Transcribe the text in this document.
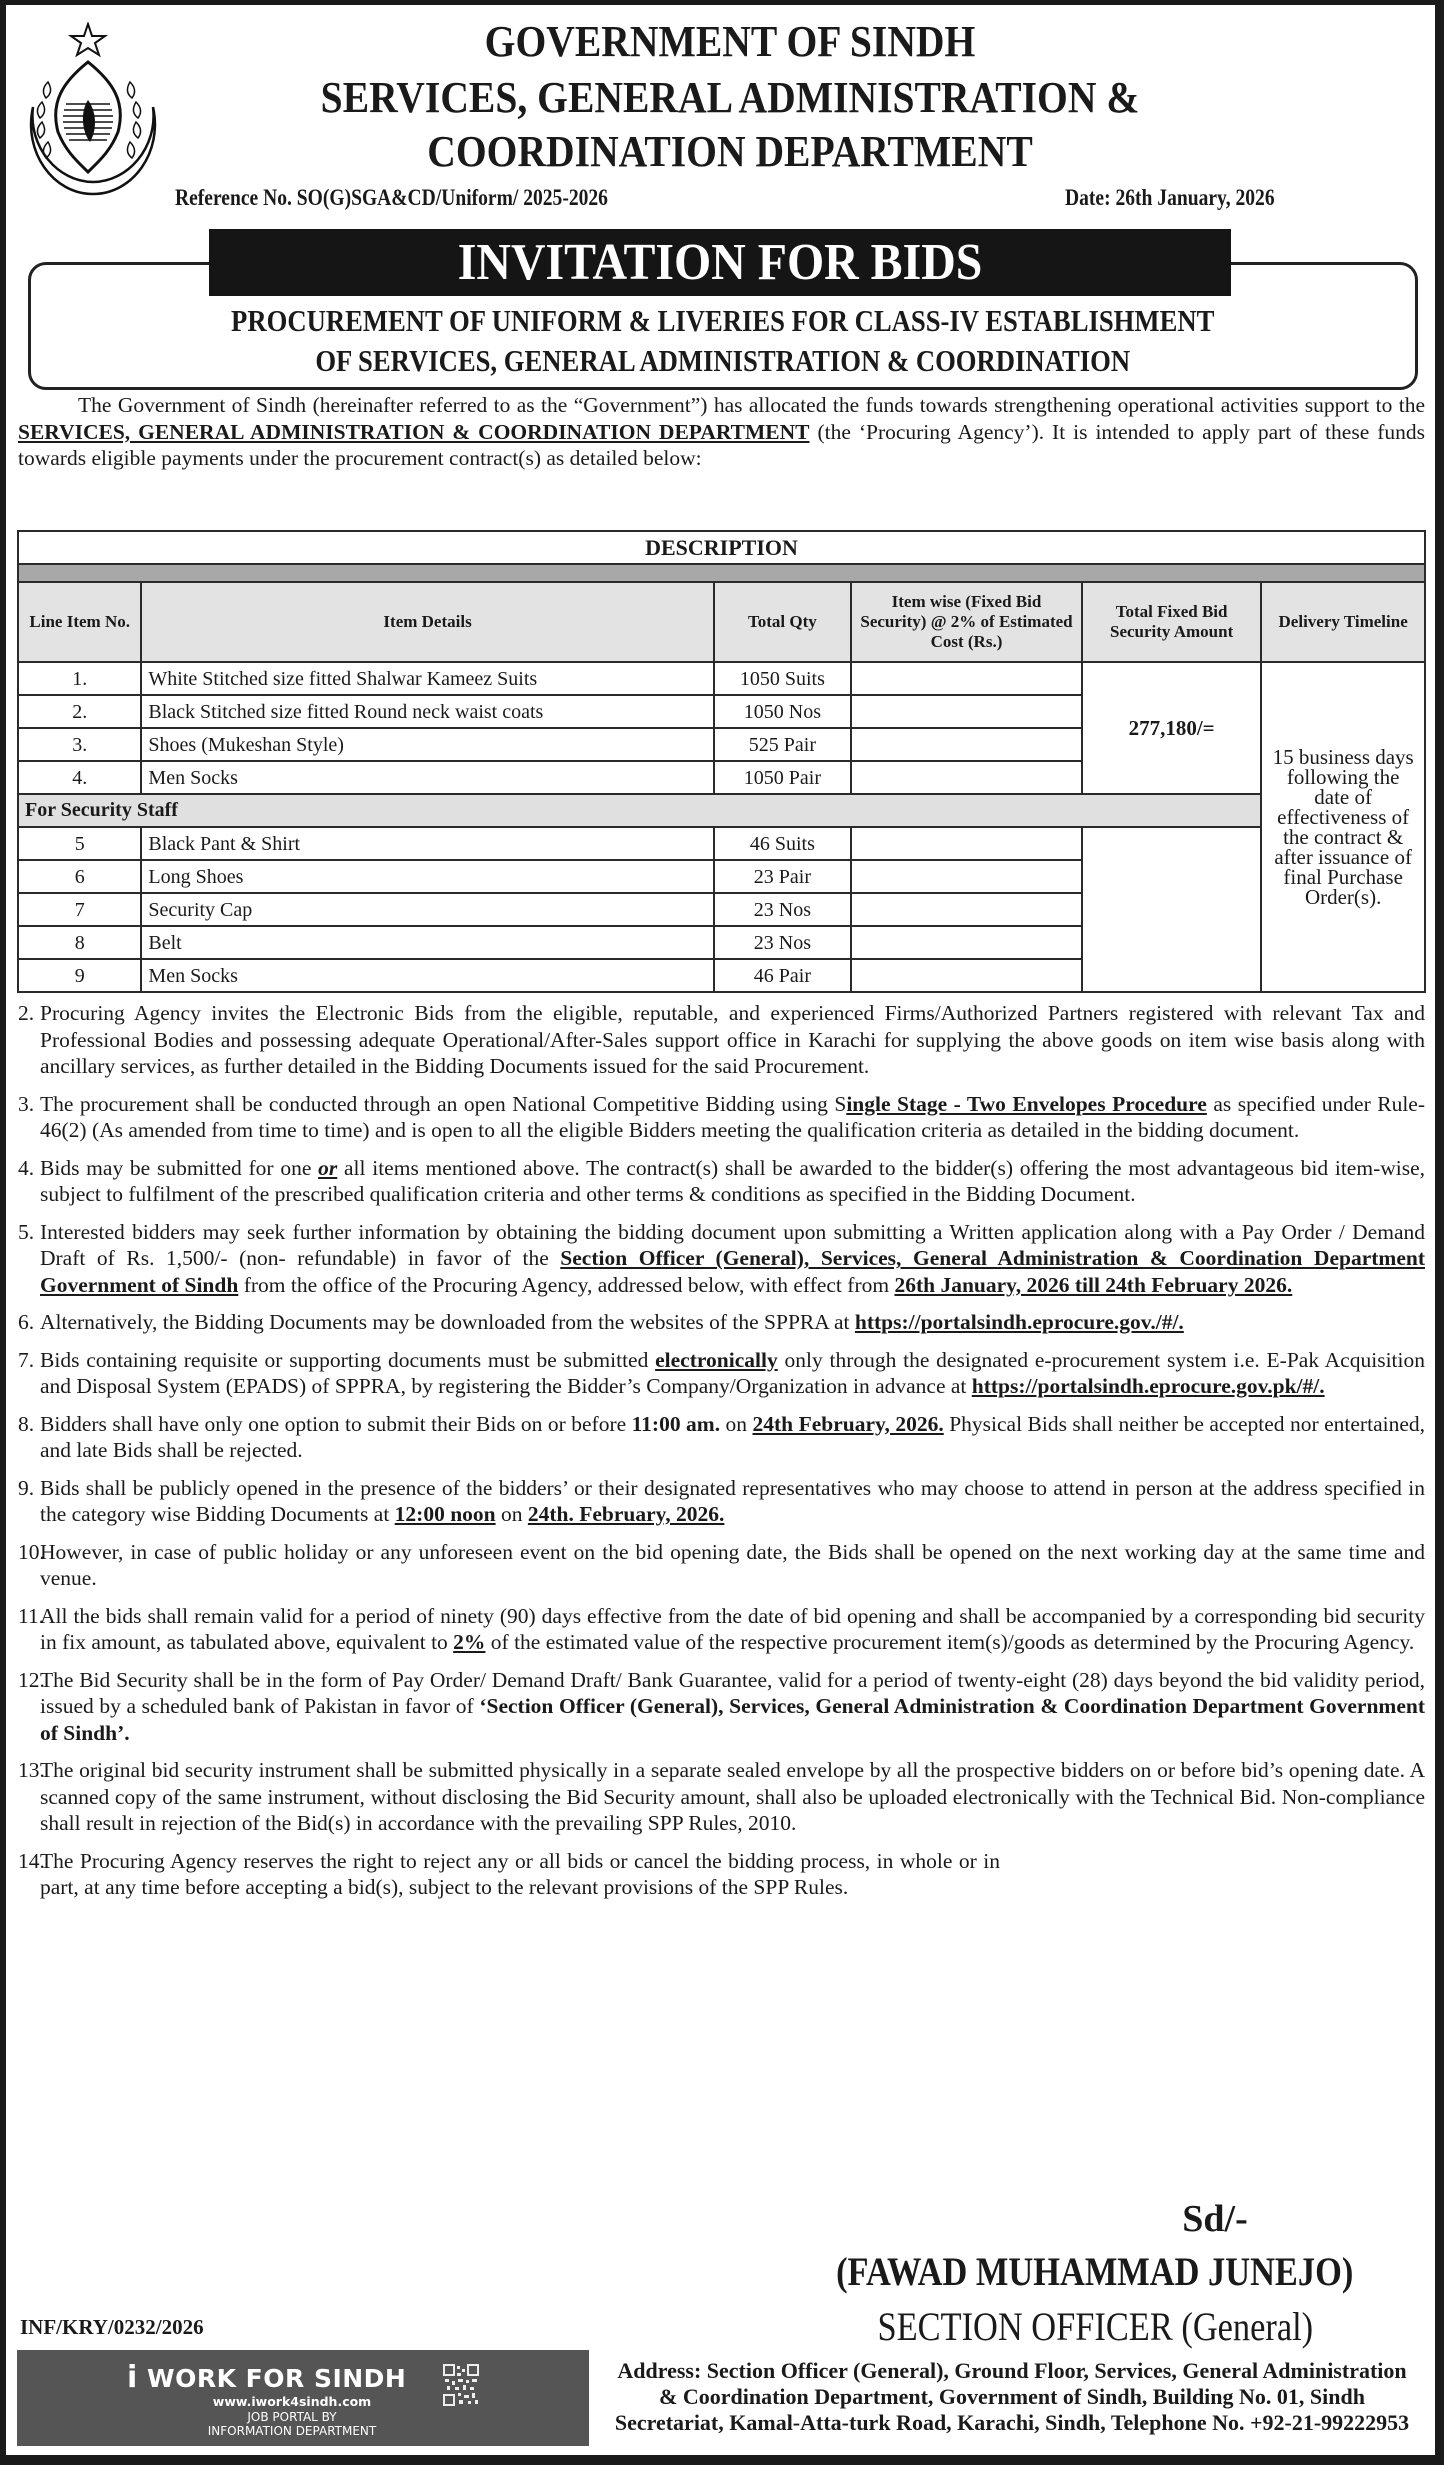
GOVERNMENT OF SINDH
SERVICES, GENERAL ADMINISTRATION &
COORDINATION DEPARTMENT
Reference No. SO(G)SGA&CD/Uniform/ 2025-2026	Date: 26th January, 2026
INVITATION FOR BIDS
PROCUREMENT OF UNIFORM & LIVERIES FOR CLASS-IV ESTABLISHMENT
OF SERVICES, GENERAL ADMINISTRATION & COORDINATION
The Government of Sindh (hereinafter referred to as the “Government”) has allocated the funds towards strengthening operational activities support to the SERVICES, GENERAL ADMINISTRATION & COORDINATION DEPARTMENT (the ‘Procuring Agency’). It is intended to apply part of these funds towards eligible payments under the procurement contract(s) as detailed below:
DESCRIPTION					

Line Item No.	Item Details	Total Qty	Item wise (Fixed Bid Security) @ 2% of Estimated Cost (Rs.)	Total Fixed Bid Security Amount	Delivery Timeline
1.	White Stitched size fitted Shalwar Kameez Suits	1050 Suits		277,180/=	15 business days following the date of effectiveness of the contract & after issuance of final Purchase Order(s).
2.	Black Stitched size fitted Round neck waist coats	1050 Nos			
3.	Shoes (Mukeshan Style)	525 Pair			
4.	Men Socks	1050 Pair			
For Security Staff					
5	Black Pant & Shirt	46 Suits			
6	Long Shoes	23 Pair			
7	Security Cap	23 Nos			
8	Belt	23 Nos			
9	Men Socks	46 Pair			
2. Procuring Agency invites the Electronic Bids from the eligible, reputable, and experienced Firms/Authorized Partners registered with relevant Tax and Professional Bodies and possessing adequate Operational/After-Sales support office in Karachi for supplying the above goods on item wise basis along with ancillary services, as further detailed in the Bidding Documents issued for the said Procurement.
3. The procurement shall be conducted through an open National Competitive Bidding using Single Stage - Two Envelopes Procedure as specified under Rule-46(2) (As amended from time to time) and is open to all the eligible Bidders meeting the qualification criteria as detailed in the bidding document.
4. Bids may be submitted for one or all items mentioned above. The contract(s) shall be awarded to the bidder(s) offering the most advantageous bid item-wise, subject to fulfilment of the prescribed qualification criteria and other terms & conditions as specified in the Bidding Document.
5. Interested bidders may seek further information by obtaining the bidding document upon submitting a Written application along with a Pay Order / Demand Draft of Rs. 1,500/- (non- refundable) in favor of the Section Officer (General), Services, General Administration & Coordination Department Government of Sindh from the office of the Procuring Agency, addressed below, with effect from 26th January, 2026 till 24th February 2026.
6. Alternatively, the Bidding Documents may be downloaded from the websites of the SPPRA at https://portalsindh.eprocure.gov./#/.
7. Bids containing requisite or supporting documents must be submitted electronically only through the designated e-procurement system i.e. E-Pak Acquisition and Disposal System (EPADS) of SPPRA, by registering the Bidder’s Company/Organization in advance at https://portalsindh.eprocure.gov.pk/#/.
8. Bidders shall have only one option to submit their Bids on or before 11:00 am. on 24th February, 2026. Physical Bids shall neither be accepted nor entertained, and late Bids shall be rejected.
9. Bids shall be publicly opened in the presence of the bidders’ or their designated representatives who may choose to attend in person at the address specified in the category wise Bidding Documents at 12:00 noon on 24th. February, 2026.
10.
However, in case of public holiday or any unforeseen event on the bid opening date, the Bids shall be opened on the next working day at the same time and venue.
11.
All the bids shall remain valid for a period of ninety (90) days effective from the date of bid opening and shall be accompanied by a corresponding bid security in fix amount, as tabulated above, equivalent to 2% of the estimated value of the respective procurement item(s)/goods as determined by the Procuring Agency.
12.
The Bid Security shall be in the form of Pay Order/ Demand Draft/ Bank Guarantee, valid for a period of twenty-eight (28) days beyond the bid validity period, issued by a scheduled bank of Pakistan in favor of ‘Section Officer (General), Services, General Administration & Coordination Department Government of Sindh’.
13.
The original bid security instrument shall be submitted physically in a separate sealed envelope by all the prospective bidders on or before bid’s opening date. A scanned copy of the same instrument, without disclosing the Bid Security amount, shall also be uploaded electronically with the Technical Bid. Non-compliance shall result in rejection of the Bid(s) in accordance with the prevailing SPP Rules, 2010.
14.
The Procuring Agency reserves the right to reject any or all bids or cancel the bidding process, in whole or in part, at any time before accepting a bid(s), subject to the relevant provisions of the SPP Rules.
Sd/-
(FAWAD MUHAMMAD JUNEJO)
SECTION OFFICER (General)
Address: Section Officer (General), Ground Floor, Services, General Administration & Coordination Department, Government of Sindh, Building No. 01, Sindh Secretariat, Kamal-Atta-turk Road, Karachi, Sindh, Telephone No. +92-21-99222953
INF/KRY/0232/2026
i WORK FOR SINDH
www.iwork4sindh.com
JOB PORTAL BY
INFORMATION DEPARTMENT
